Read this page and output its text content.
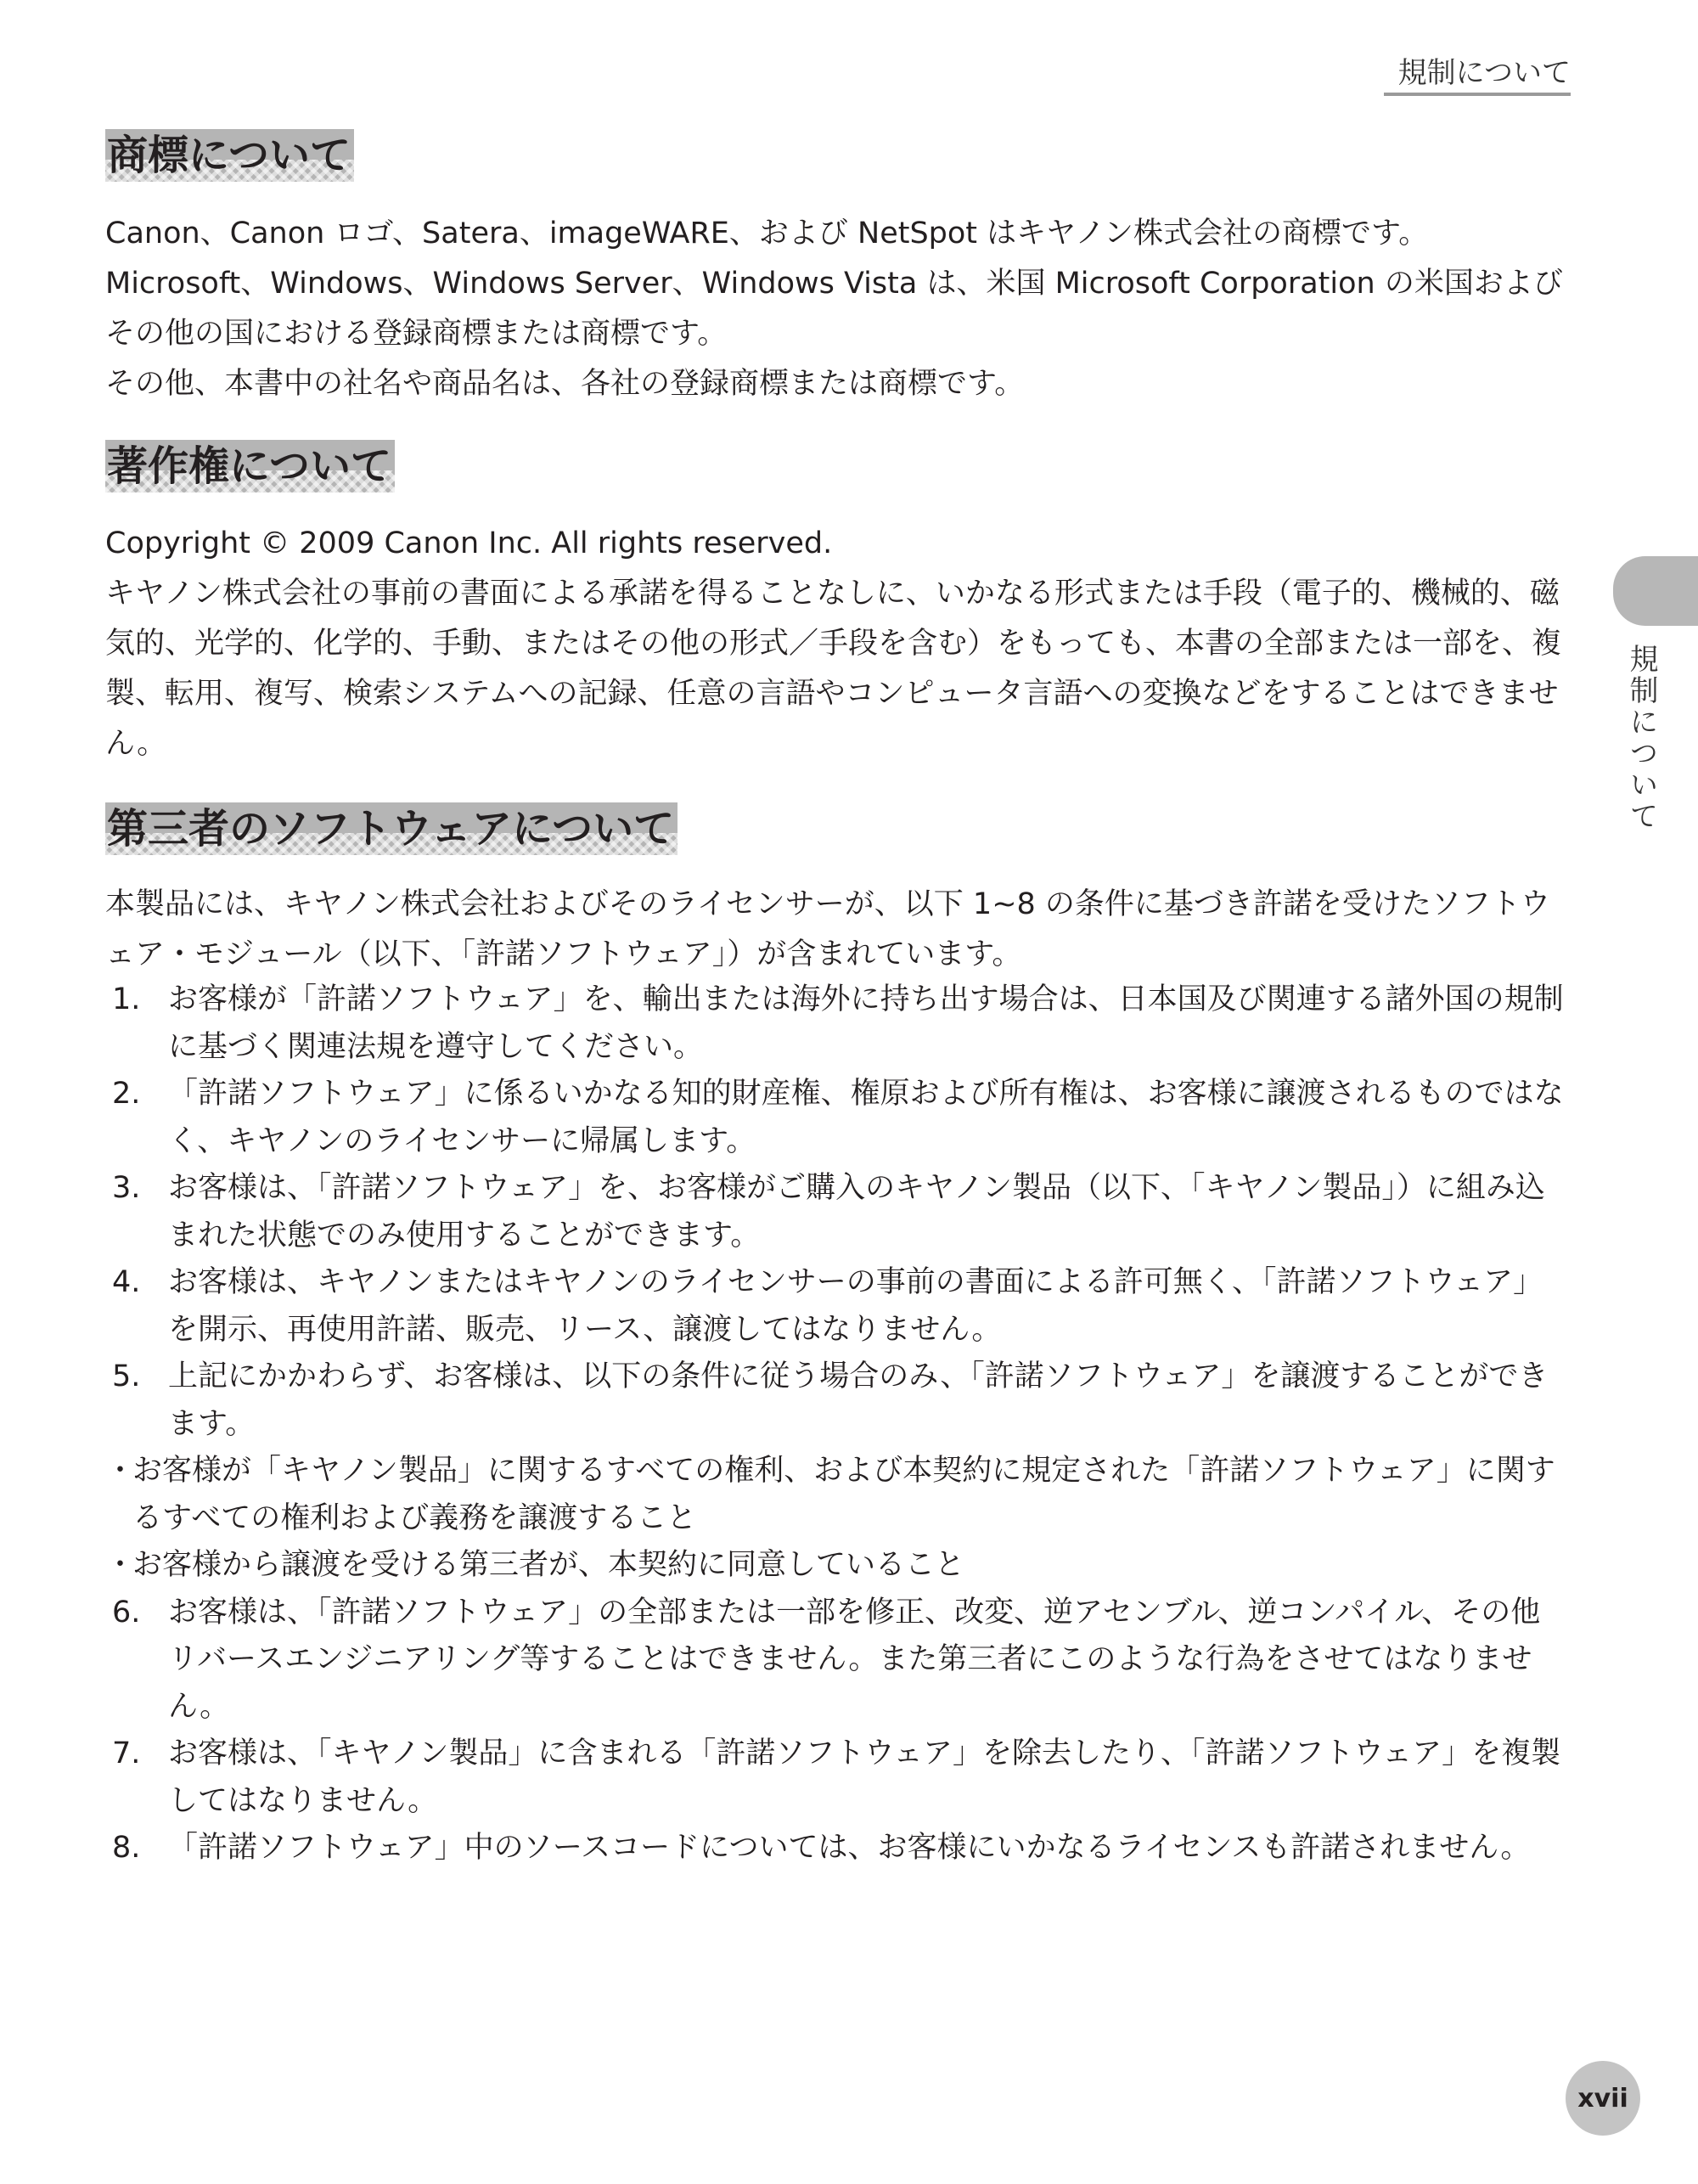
規制について
規制について
商標について

Canon、Canon ロゴ、Satera、imageWARE、および NetSpot はキヤノン株式会社の商標です。

Microsoft、Windows、Windows Server、Windows Vista は、米国 Microsoft Corporation の米国およびその他の国における登録商標または商標です。

その他、本書中の社名や商品名は、各社の登録商標または商標です。

著作権について

Copyright © 2009 Canon Inc. All rights reserved.

キヤノン株式会社の事前の書面による承諾を得ることなしに、いかなる形式または手段（電子的、機械的、磁気的、光学的、化学的、手動、またはその他の形式／手段を含む）をもっても、本書の全部または一部を、複製、転用、複写、検索システムへの記録、任意の言語やコンピュータ言語への変換などをすることはできません。

第三者のソフトウェアについて

本製品には、キヤノン株式会社およびそのライセンサーが、以下 1~8 の条件に基づき許諾を受けたソフトウェア・モジュール（以下、「許諾ソフトウェア」）が含まれています。

1. お客様が「許諾ソフトウェア」を、輸出または海外に持ち出す場合は、日本国及び関連する諸外国の規制に基づく関連法規を遵守してください。
2. 「許諾ソフトウェア」に係るいかなる知的財産権、権原および所有権は、お客様に譲渡されるものではなく、キヤノンのライセンサーに帰属します。
3. お客様は、「許諾ソフトウェア」を、お客様がご購入のキヤノン製品（以下、「キヤノン製品」）に組み込まれた状態でのみ使用することができます。
4. お客様は、キヤノンまたはキヤノンのライセンサーの事前の書面による許可無く、「許諾ソフトウェア」を開示、再使用許諾、販売、リース、譲渡してはなりません。
5. 上記にかかわらず、お客様は、以下の条件に従う場合のみ、「許諾ソフトウェア」を譲渡することができます。
・
お客様が「キヤノン製品」に関するすべての権利、および本契約に規定された「許諾ソフトウェア」に関するすべての権利および義務を譲渡すること
・
お客様から譲渡を受ける第三者が、本契約に同意していること
6. お客様は、「許諾ソフトウェア」の全部または一部を修正、改変、逆アセンブル、逆コンパイル、その他リバースエンジニアリング等することはできません。また第三者にこのような行為をさせてはなりません。
7. お客様は、「キヤノン製品」に含まれる「許諾ソフトウェア」を除去したり、「許諾ソフトウェア」を複製してはなりません。
8. 「許諾ソフトウェア」中のソースコードについては、お客様にいかなるライセンスも許諾されません。
xvii
